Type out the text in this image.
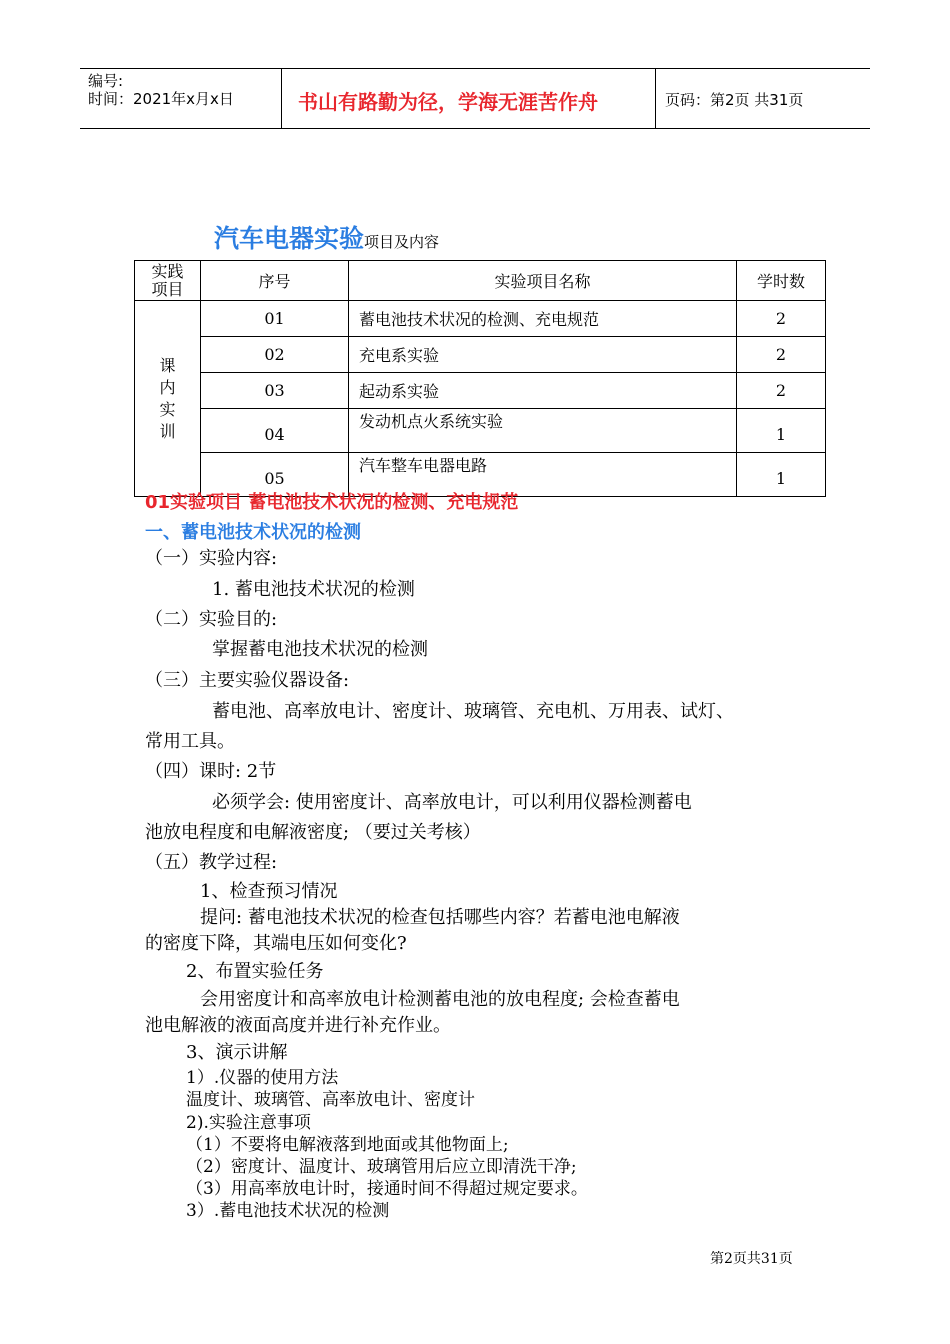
编号:
时间：2021年x月x日	书山有路勤为径，学海无涯苦作舟	页码：第2页 共31页
汽车电器实验项目及内容
实践
项目	序号	实验项目名称	学时数

课
内
实
训	01	蓄电池技术状况的检测、充电规范	2
	02	充电系实验	2
	03	起动系实验	2
	04	发动机点火系统实验	1
	05	汽车整车电器电路	1
01实验项目 蓄电池技术状况的检测、充电规范
一、蓄电池技术状况的检测
（一）实验内容:
1. 蓄电池技术状况的检测
（二）实验目的:
掌握蓄电池技术状况的检测
（三）主要实验仪器设备:
蓄电池、高率放电计、密度计、玻璃管、充电机、万用表、试灯、
常用工具。
（四）课时: 2节
必须学会: 使用密度计、高率放电计，可以利用仪器检测蓄电
池放电程度和电解液密度; （要过关考核）
（五）教学过程:
1、检查预习情况
提问: 蓄电池技术状况的检查包括哪些内容？若蓄电池电解液
的密度下降，其端电压如何变化?
2、布置实验任务
会用密度计和高率放电计检测蓄电池的放电程度; 会检查蓄电
池电解液的液面高度并进行补充作业。
3、演示讲解
1）.仪器的使用方法
温度计、玻璃管、高率放电计、密度计
2).实验注意事项
（1）不要将电解液落到地面或其他物面上;
（2）密度计、温度计、玻璃管用后应立即清洗干净;
（3）用高率放电计时，接通时间不得超过规定要求。
3）.蓄电池技术状况的检测
第2页共31页
